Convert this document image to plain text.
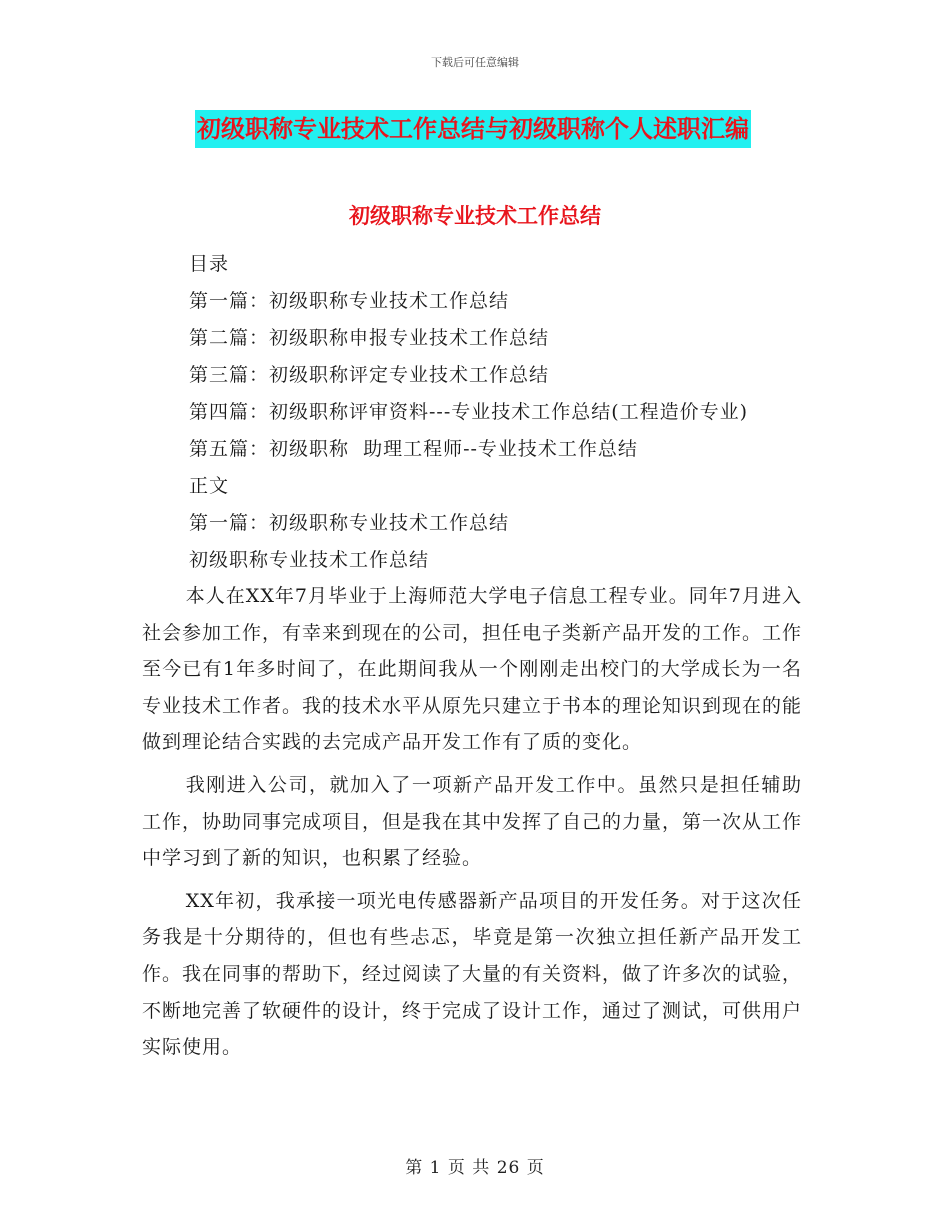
下载后可任意编辑
初级职称专业技术工作总结与初级职称个人述职汇编
初级职称专业技术工作总结
目录
第一篇：初级职称专业技术工作总结
第二篇：初级职称申报专业技术工作总结
第三篇：初级职称评定专业技术工作总结
第四篇：初级职称评审资料---专业技术工作总结(工程造价专业)
第五篇：初级职称  助理工程师--专业技术工作总结
正文
第一篇：初级职称专业技术工作总结
初级职称专业技术工作总结

本人在XX年7月毕业于上海师范大学电子信息工程专业。同年7月进入社会参加工作，有幸来到现在的公司，担任电子类新产品开发的工作。工作至今已有1年多时间了，在此期间我从一个刚刚走出校门的大学成长为一名专业技术工作者。我的技术水平从原先只建立于书本的理论知识到现在的能做到理论结合实践的去完成产品开发工作有了质的变化。

我刚进入公司，就加入了一项新产品开发工作中。虽然只是担任辅助工作，协助同事完成项目，但是我在其中发挥了自己的力量，第一次从工作中学习到了新的知识，也积累了经验。

XX年初，我承接一项光电传感器新产品项目的开发任务。对于这次任务我是十分期待的，但也有些忐忑，毕竟是第一次独立担任新产品开发工作。我在同事的帮助下，经过阅读了大量的有关资料，做了许多次的试验，不断地完善了软硬件的设计，终于完成了设计工作，通过了测试，可供用户实际使用。

第 1 页 共 26 页
